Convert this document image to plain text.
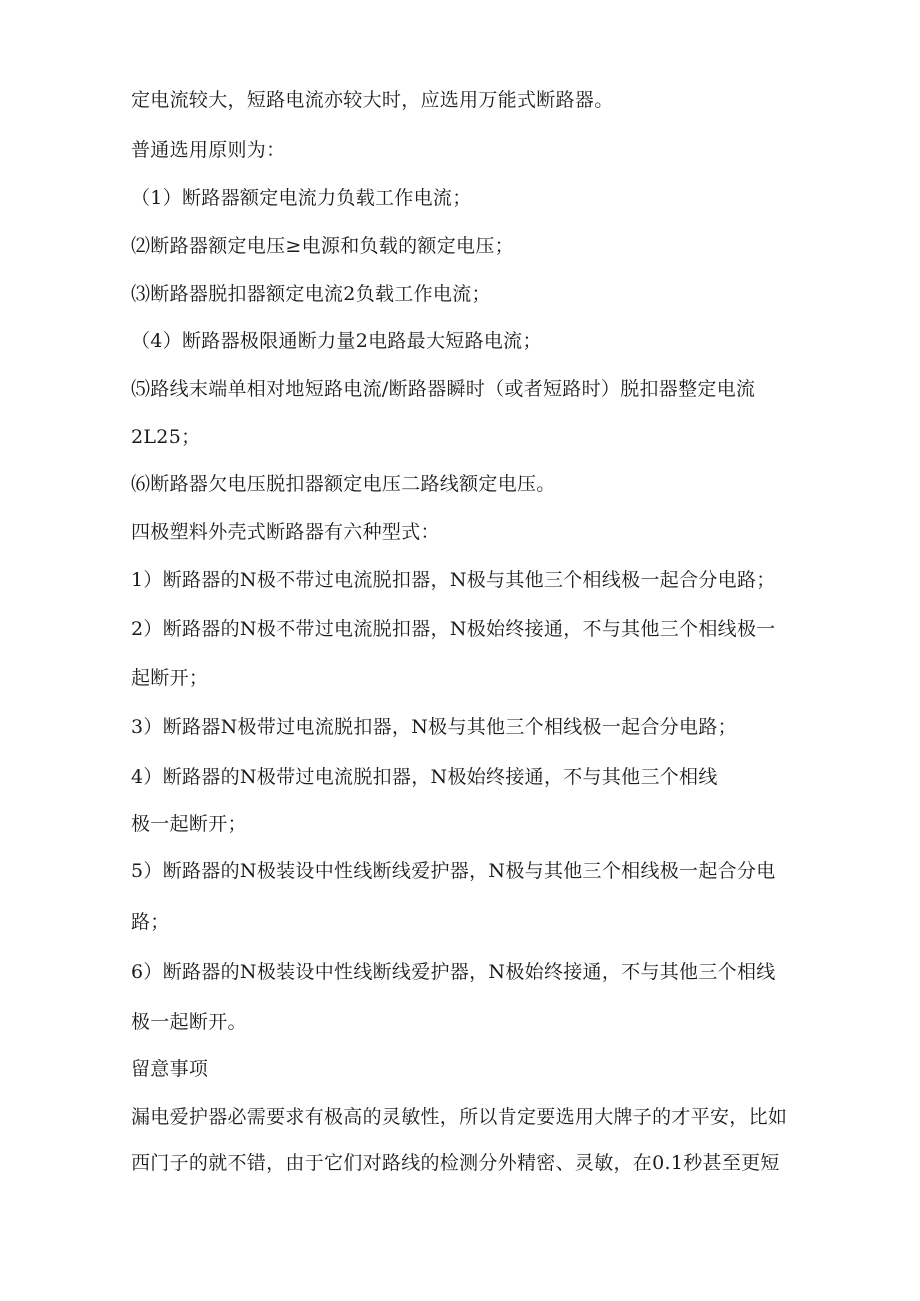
定电流较大，短路电流亦较大时，应选用万能式断路器。

普通选用原则为：

（1）断路器额定电流力负载工作电流；

⑵断路器额定电压≥电源和负载的额定电压；

⑶断路器脱扣器额定电流2负载工作电流；

（4）断路器极限通断力量2电路最大短路电流；

⑸路线末端单相对地短路电流/断路器瞬时（或者短路时）脱扣器整定电流

2L25；

⑹断路器欠电压脱扣器额定电压二路线额定电压。

四极塑料外壳式断路器有六种型式：

1）断路器的N极不带过电流脱扣器，N极与其他三个相线极一起合分电路；

2）断路器的N极不带过电流脱扣器，N极始终接通，不与其他三个相线极一

起断开；

3）断路器N极带过电流脱扣器，N极与其他三个相线极一起合分电路；

4）断路器的N极带过电流脱扣器，N极始终接通，不与其他三个相线

极一起断开；

5）断路器的N极装设中性线断线爱护器，N极与其他三个相线极一起合分电

路；

6）断路器的N极装设中性线断线爱护器，N极始终接通，不与其他三个相线

极一起断开。

留意事项

漏电爱护器必需要求有极高的灵敏性，所以肯定要选用大牌子的才平安，比如

西门子的就不错，由于它们对路线的检测分外精密、灵敏，在0.1秒甚至更短
